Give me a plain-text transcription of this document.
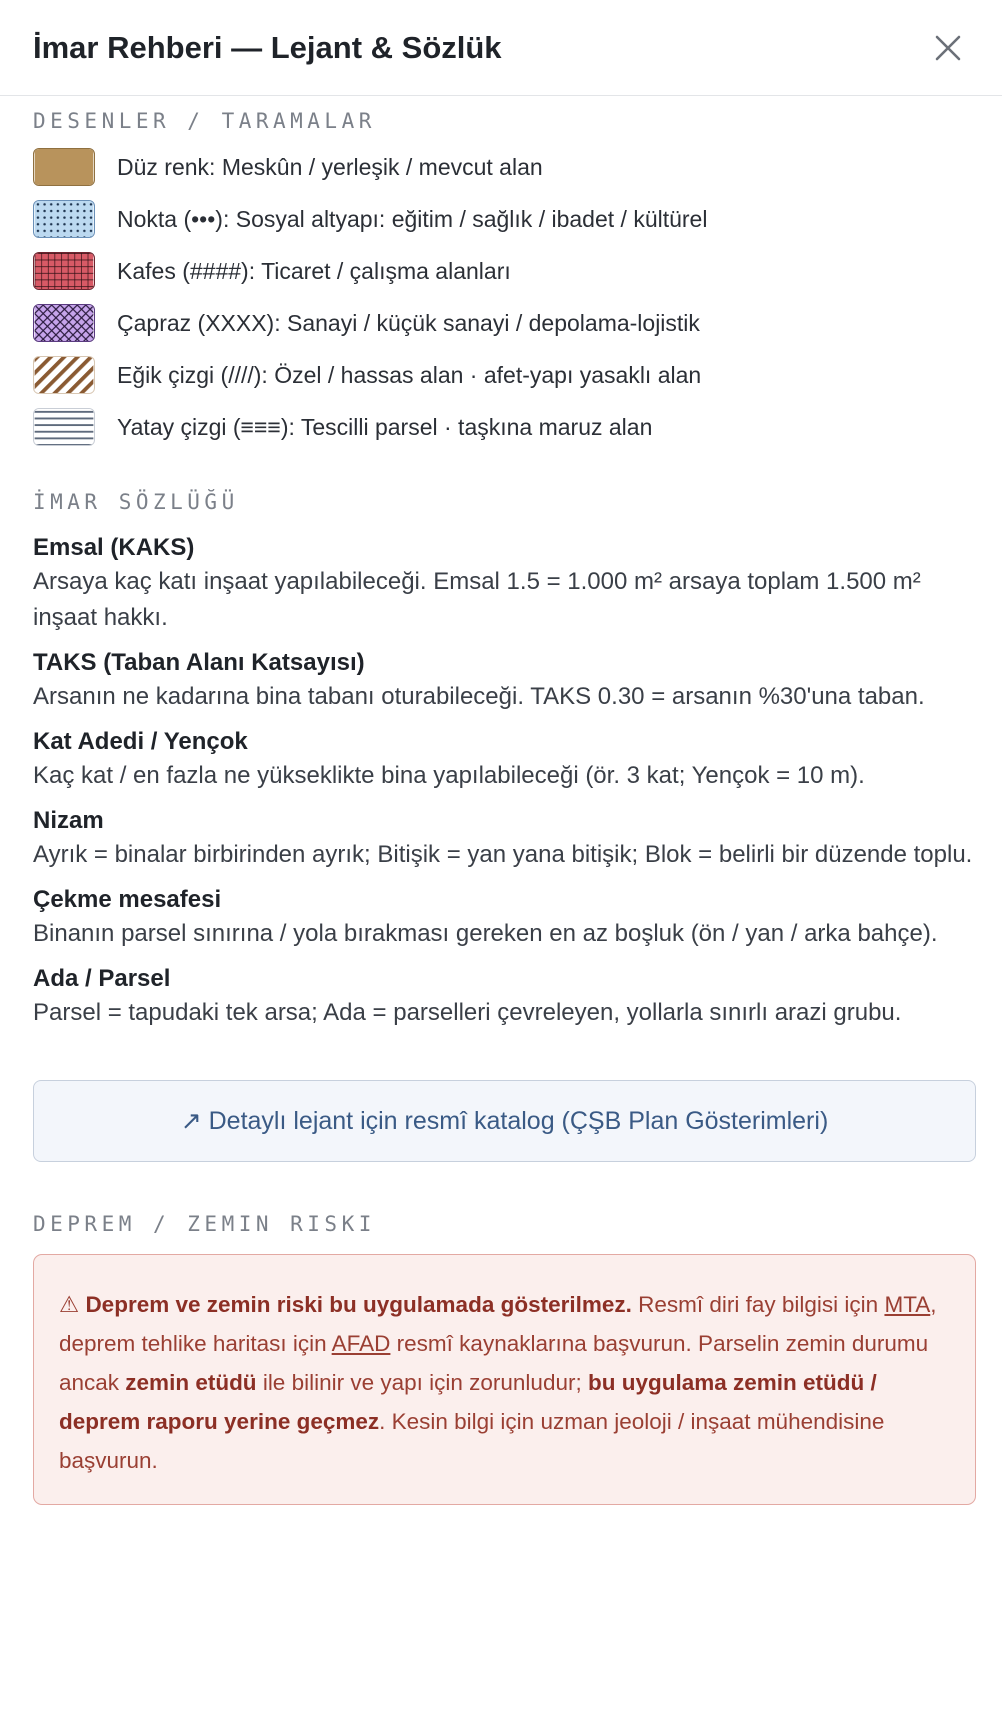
İmar Rehberi — Lejant & Sözlük

DESENLER / TARAMALAR

Düz renk: Meskûn / yerleşik / mevcut alan
Nokta (•••): Sosyal altyapı: eğitim / sağlık / ibadet / kültürel
Kafes (####): Ticaret / çalışma alanları
Çapraz (XXXX): Sanayi / küçük sanayi / depolama-lojistik
Eğik çizgi (////): Özel / hassas alan · afet-yapı yasaklı alan
Yatay çizgi (≡≡≡): Tescilli parsel · taşkına maruz alan

İMAR SÖZLÜĞÜ

Emsal (KAKS)
Arsaya kaç katı inşaat yapılabileceği. Emsal 1.5 = 1.000 m² arsaya toplam 1.500 m² inşaat hakkı.
TAKS (Taban Alanı Katsayısı)
Arsanın ne kadarına bina tabanı oturabileceği. TAKS 0.30 = arsanın %30'una taban.
Kat Adedi / Yençok
Kaç kat / en fazla ne yükseklikte bina yapılabileceği (ör. 3 kat; Yençok = 10 m).
Nizam
Ayrık = binalar birbirinden ayrık; Bitişik = yan yana bitişik; Blok = belirli bir düzende toplu.
Çekme mesafesi
Binanın parsel sınırına / yola bırakması gereken en az boşluk (ön / yan / arka bahçe).
Ada / Parsel
Parsel = tapudaki tek arsa; Ada = parselleri çevreleyen, yollarla sınırlı arazi grubu.
↗ Detaylı lejant için resmî katalog (ÇŞB Plan Gösterimleri)

DEPREM / ZEMIN RISKI

⚠ Deprem ve zemin riski bu uygulamada gösterilmez. Resmî diri fay bilgisi için MTA, deprem tehlike haritası için AFAD resmî kaynaklarına başvurun. Parselin zemin durumu ancak zemin etüdü ile bilinir ve yapı için zorunludur; bu uygulama zemin etüdü / deprem raporu yerine geçmez. Kesin bilgi için uzman jeoloji / inşaat mühendisine başvurun.
